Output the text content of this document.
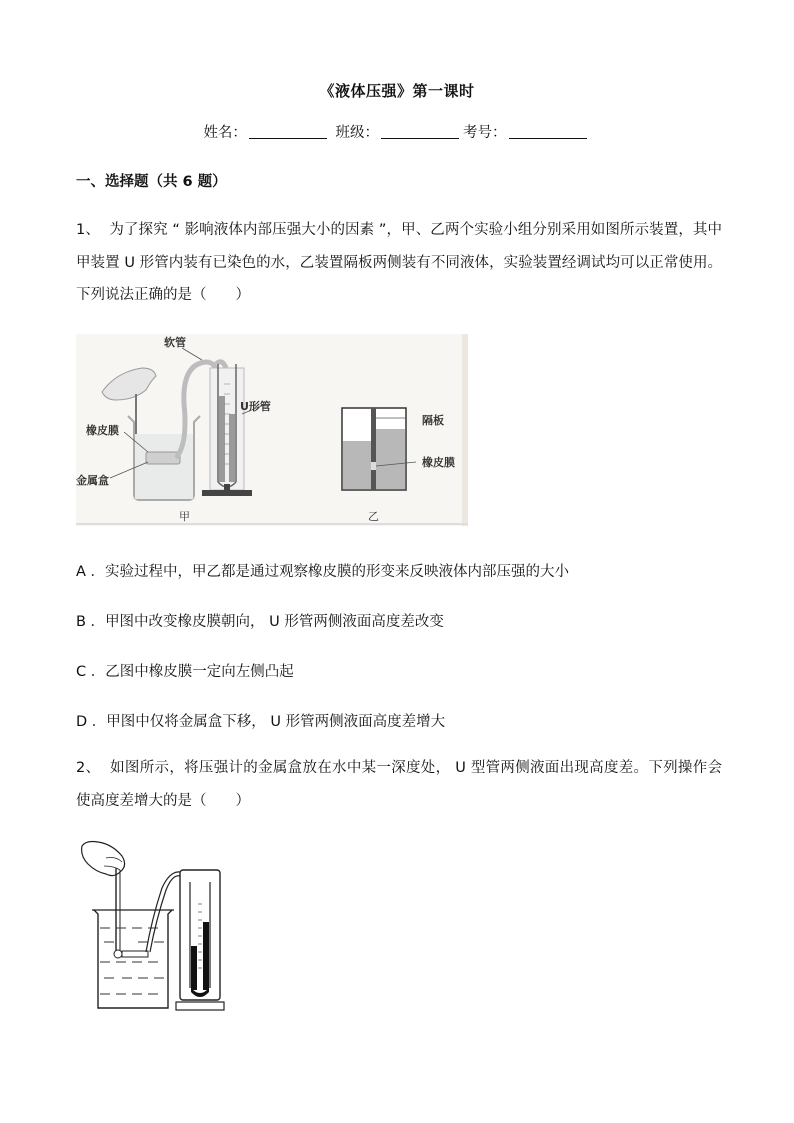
《液体压强》第一课时
姓名：	班级：	考号：
一、选择题（共 6 题）
1、 为了探究 “ 影响液体内部压强大小的因素 ”，甲、乙两个实验小组分别采用如图所示装置，其中甲装置 U 形管内装有已染色的水，乙装置隔板两侧装有不同液体，实验装置经调试均可以正常使用。下列说法正确的是（　　）
软管
U形管
橡皮膜
金属盒
甲
隔板
橡皮膜
乙
A ．实验过程中，甲乙都是通过观察橡皮膜的形变来反映液体内部压强的大小
B ．甲图中改变橡皮膜朝向， U 形管两侧液面高度差改变
C ．乙图中橡皮膜一定向左侧凸起
D ．甲图中仅将金属盒下移， U 形管两侧液面高度差增大
2、 如图所示，将压强计的金属盒放在水中某一深度处， U 型管两侧液面出现高度差。下列操作会使高度差增大的是（　　）
